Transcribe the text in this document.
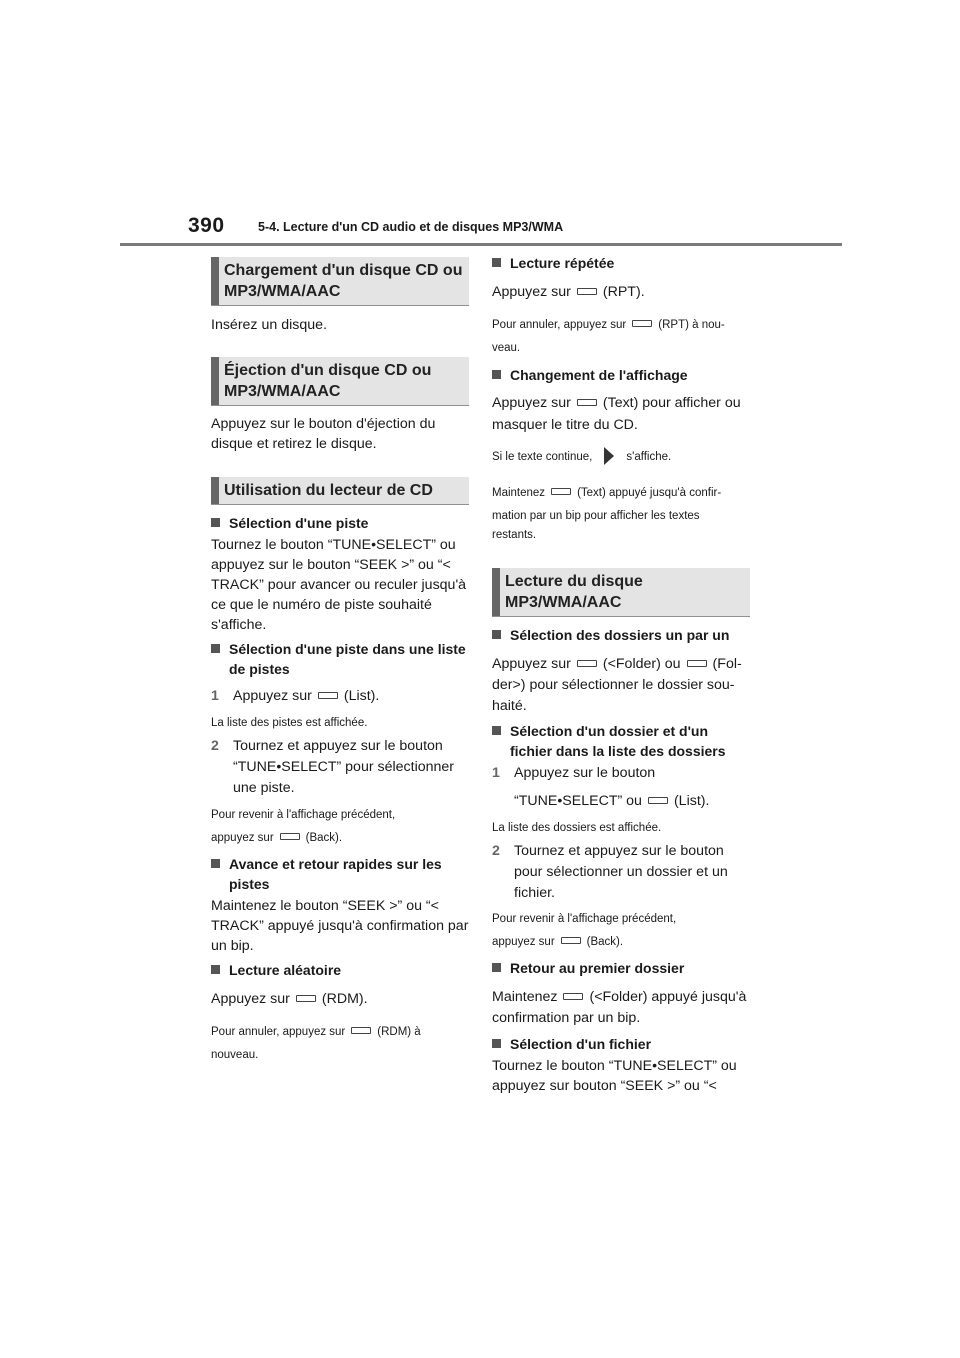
390	5-4. Lecture d'un CD audio et de disques MP3/WMA
Chargement d'un disque CD ou MP3/WMA/AAC
Insérez un disque.
Éjection d'un disque CD ou MP3/WMA/AAC
Appuyez sur le bouton d'éjection du disque et retirez le disque.
Utilisation du lecteur de CD
Sélection d'une piste
Tournez le bouton “TUNE•SELECT” ou appuyez sur le bouton “SEEK >” ou “< TRACK” pour avancer ou reculer jusqu'à ce que le numéro de piste souhaité s'affiche.
Sélection d'une piste dans une liste de pistes
1 Appuyez sur (List).
La liste des pistes est affichée.
2 Tournez et appuyez sur le bouton “TUNE•SELECT” pour sélectionner une piste.
Pour revenir à l'affichage précédent,
appuyez sur	(Back).
Avance et retour rapides sur les pistes
Maintenez le bouton “SEEK >” ou “< TRACK” appuyé jusqu'à confirmation par un bip.
Lecture aléatoire
Appuyez sur (RDM).
Pour annuler, appuyez sur	(RDM) à
nouveau.
Lecture répétée
Appuyez sur (RPT).
Pour annuler, appuyez sur	(RPT) à nou-
veau.
Changement de l'affichage
Appuyez sur (Text) pour afficher ou
masquer le titre du CD.
Si le texte continue,	s'affiche.
Maintenez	(Text) appuyé jusqu'à confir-
mation par un bip pour afficher les textes
restants.
Lecture du disque MP3/WMA/AAC
Sélection des dossiers un par un
Appuyez sur (<Folder) ou (Fol-
der>) pour sélectionner le dossier sou-
haité.
Sélection d'un dossier et d'un fichier dans la liste des dossiers
1 Appuyez sur le bouton
“TUNE•SELECT” ou (List).
La liste des dossiers est affichée.
2 Tournez et appuyez sur le bouton pour sélectionner un dossier et un fichier.
Pour revenir à l'affichage précédent,
appuyez sur	(Back).
Retour au premier dossier
Maintenez (<Folder) appuyé jusqu'à
confirmation par un bip.
Sélection d'un fichier
Tournez le bouton “TUNE•SELECT” ou appuyez sur bouton “SEEK >” ou “<
